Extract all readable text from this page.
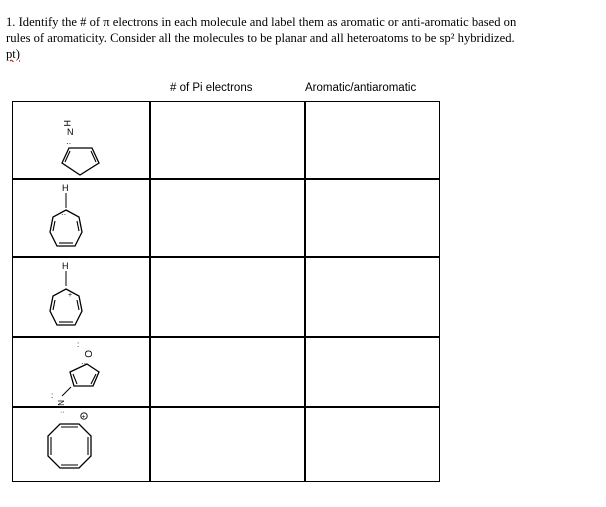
1. Identify the # of π electrons in each molecule and label them as aromatic or anti-aromatic based on
rules of aromaticity. Consider all the molecules to be planar and all heteroatoms to be sp² hybridized.
pt)
# of Pi electrons	Aromatic/antiaromatic
H
N
··
H
··
H
+
O
··
:
N
:
··
+
